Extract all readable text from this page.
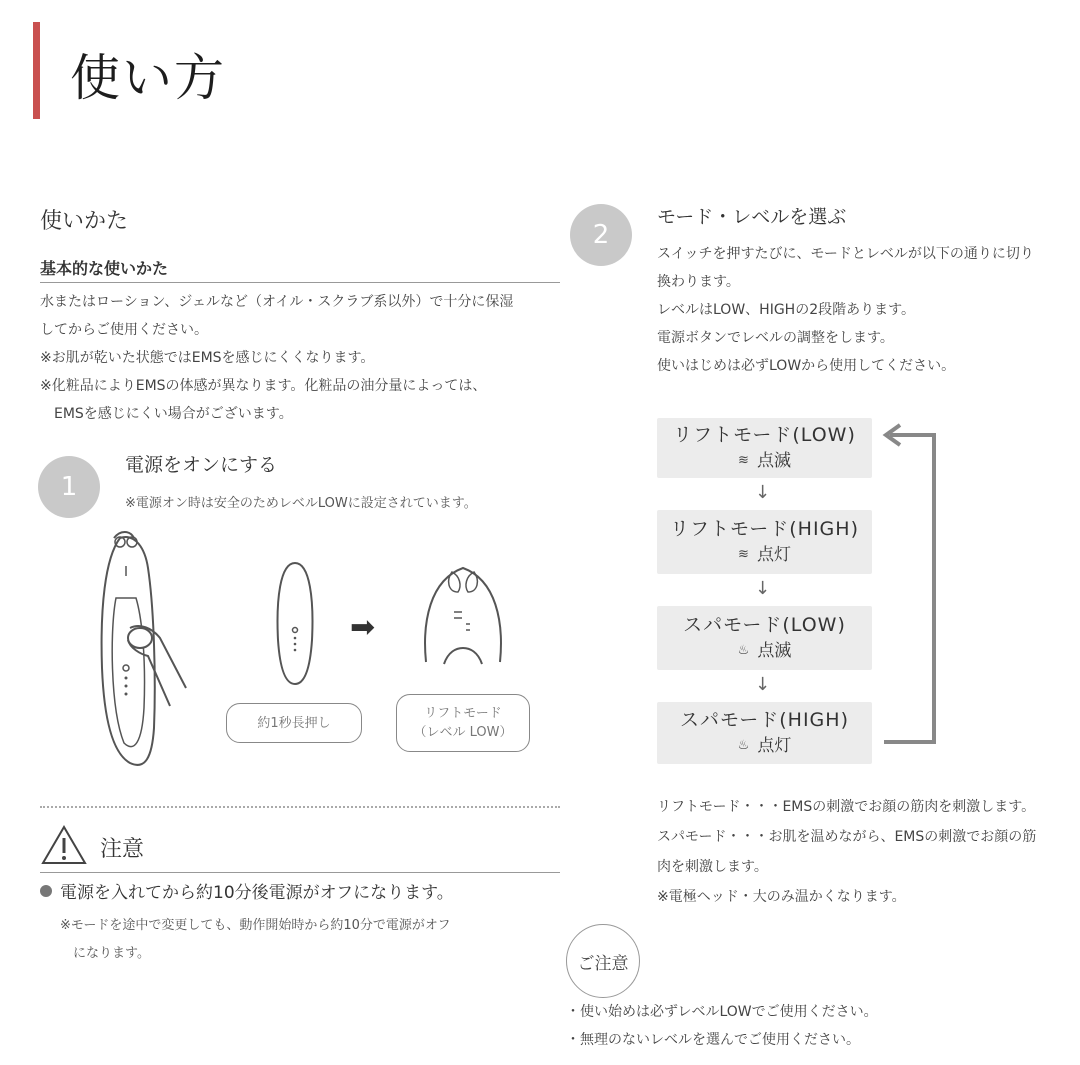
使い方
使いかた
基本的な使いかた
水またはローション、ジェルなど（オイル・スクラブ系以外）で十分に保湿
してからご使用ください。
※お肌が乾いた状態ではEMSを感じにくくなります。
※化粧品によりEMSの体感が異なります。化粧品の油分量によっては、
　EMSを感じにくい場合がございます。
1
電源をオンにする
※電源オン時は安全のためレベルLOWに設定されています。
➡
約1秒長押し
リフトモード
（レベル LOW）
注意
電源を入れてから約10分後電源がオフになります。
※モードを途中で変更しても、動作開始時から約10分で電源がオフ
　になります。
2
モード・レベルを選ぶ
スイッチを押すたびに、モードとレベルが以下の通りに切り
換わります。
レベルはLOW、HIGHの2段階あります。
電源ボタンでレベルの調整をします。
使いはじめは必ずLOWから使用してください。
リフトモード(LOW)
≋ 点滅
↓
リフトモード(HIGH)
≋ 点灯
↓
スパモード(LOW)
♨ 点滅
↓
スパモード(HIGH)
♨ 点灯
リフトモード・・・EMSの刺激でお顔の筋肉を刺激します。
スパモード・・・お肌を温めながら、EMSの刺激でお顔の筋
肉を刺激します。
※電極ヘッド・大のみ温かくなります。
ご注意
・使い始めは必ずレベルLOWでご使用ください。
・無理のないレベルを選んでご使用ください。
